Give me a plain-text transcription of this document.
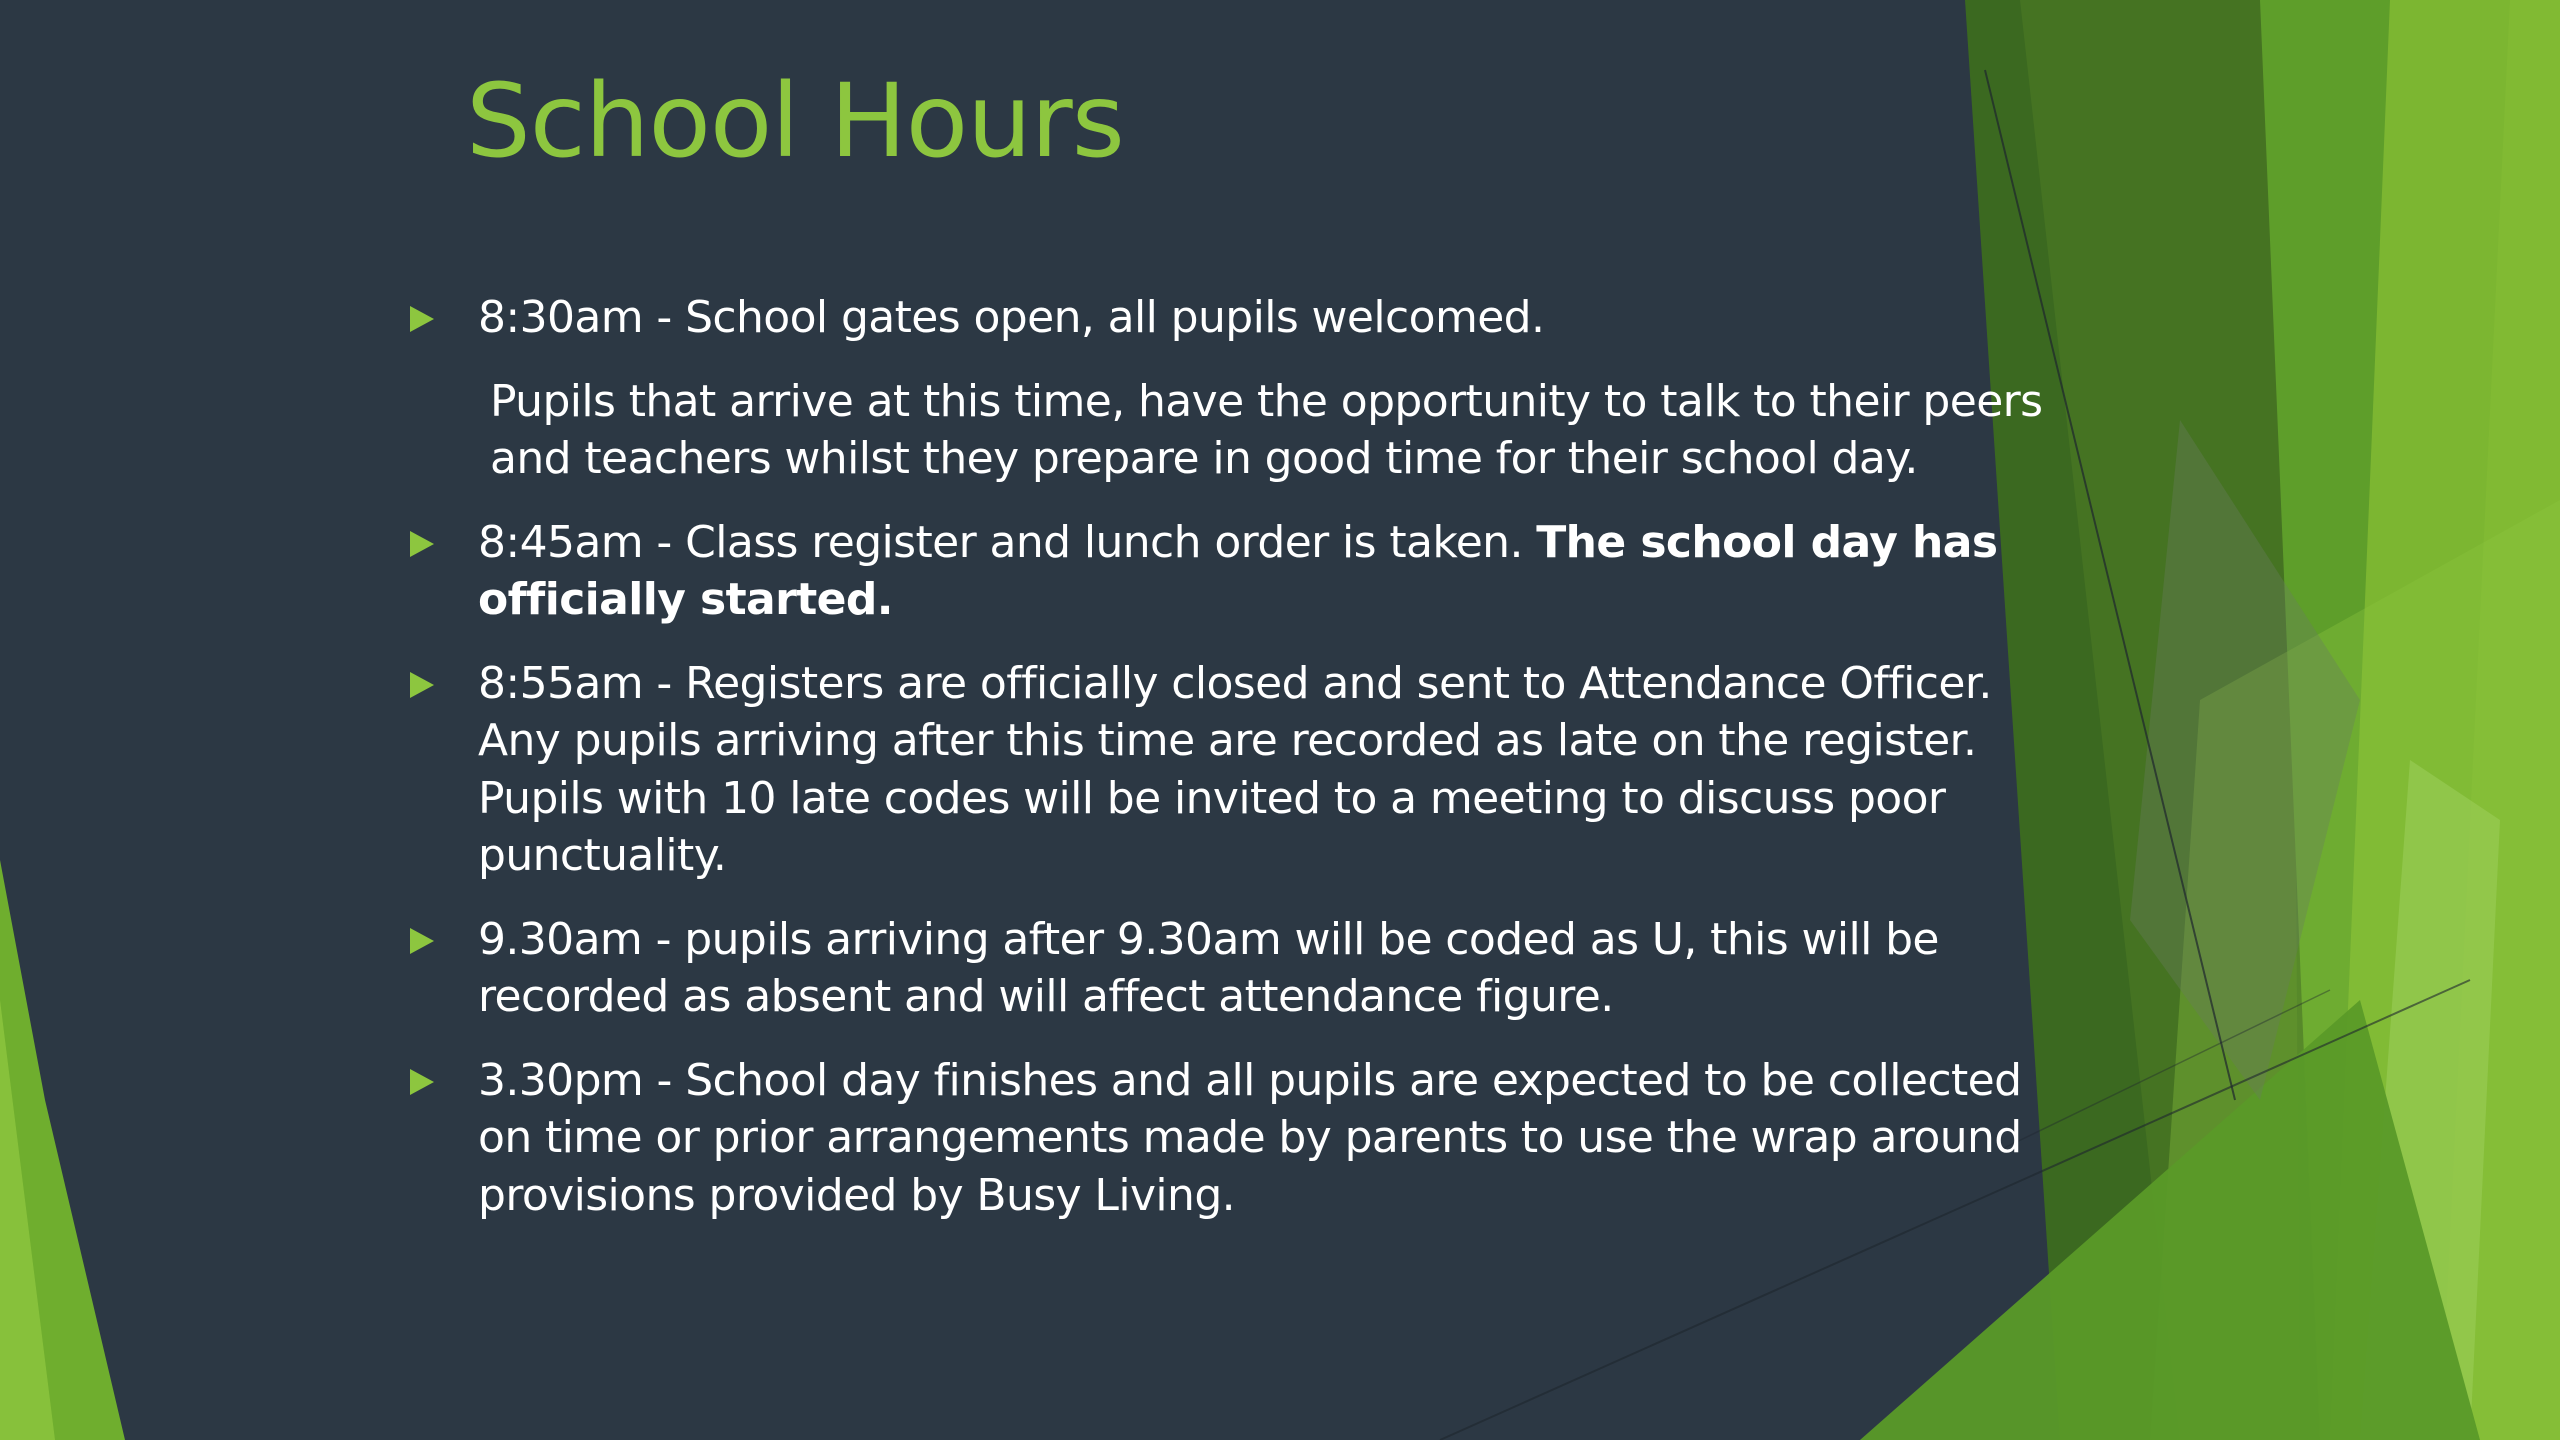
School Hours
8:30am - School gates open, all pupils welcomed.
Pupils that arrive at this time, have the opportunity to talk to their peers
and teachers whilst they prepare in good time for their school day.
8:45am - Class register and lunch order is taken. The school day has
officially started.
8:55am - Registers are officially closed and sent to Attendance Officer.
Any pupils arriving after this time are recorded as late on the register.
Pupils with 10 late codes will be invited to a meeting to discuss poor
punctuality.
9.30am - pupils arriving after 9.30am will be coded as U, this will be
recorded as absent and will affect attendance figure.
3.30pm - School day finishes and all pupils are expected to be collected
on time or prior arrangements made by parents to use the wrap around
provisions provided by Busy Living.
